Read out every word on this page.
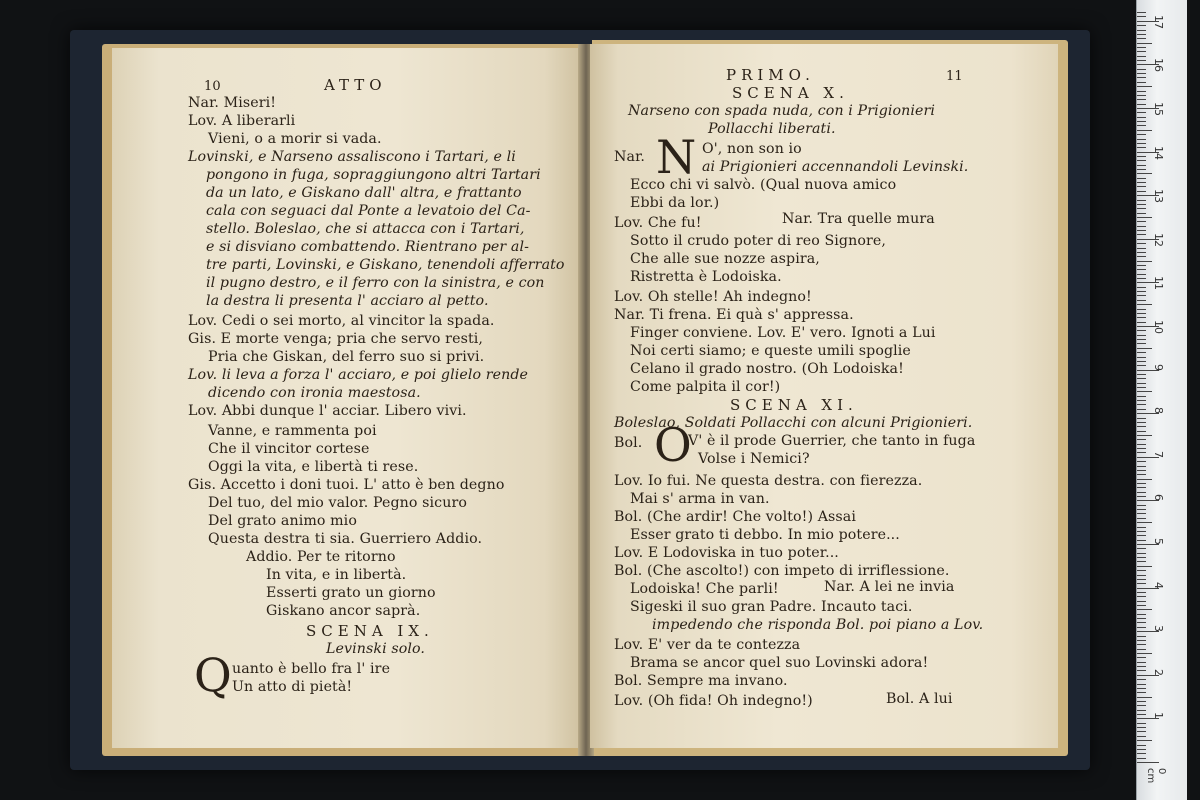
10	ATTO
Nar. Miseri!
Lov. A liberarli
Vieni, o a morir si vada.
Lovinski, e Narseno assaliscono i Tartari, e li
pongono in fuga, sopraggiungono altri Tartari
da un lato, e Giskano dall' altra, e frattanto
cala con seguaci dal Ponte a levatoio del Ca-
stello. Boleslao, che si attacca con i Tartari,
e si disviano combattendo. Rientrano per al-
tre parti, Lovinski, e Giskano, tenendoli afferrato
il pugno destro, e il ferro con la sinistra, e con
la destra li presenta l' acciaro al petto.
Lov. Cedi o sei morto, al vincitor la spada.
Gis. E morte venga; pria che servo resti,
Pria che Giskan, del ferro suo si privi.
Lov. li leva a forza l' acciaro, e poi glielo rende
dicendo con ironia maestosa.
Lov. Abbi dunque l' acciar. Libero vivi.
Vanne, e rammenta poi
Che il vincitor cortese
Oggi la vita, e libertà ti rese.
Gis. Accetto i doni tuoi. L' atto è ben degno
Del tuo, del mio valor. Pegno sicuro
Del grato animo mio
Questa destra ti sia. Guerriero Addio.
Addio. Per te ritorno
In vita, e in libertà.
Esserti grato un giorno
Giskano ancor saprà.
SCENA IX.
Levinski solo.
Q uanto è bello fra l' ire
Un atto di pietà!
PRIMO.	11
SCENA X.
Narseno con spada nuda, con i Prigionieri
Pollacchi liberati.
Nar. N O', non son io
ai Prigionieri accennandoli Levinski.
Ecco chi vi salvò. (Qual nuova amico
Ebbi da lor.)
Lov. Che fu!	Nar. Tra quelle mura
Sotto il crudo poter di reo Signore,
Che alle sue nozze aspira,
Ristretta è Lodoiska.
Lov. Oh stelle! Ah indegno!
Nar. Ti frena. Ei quà s' appressa.
Finger conviene. Lov. E' vero. Ignoti a Lui
Noi certi siamo; e queste umili spoglie
Celano il grado nostro. (Oh Lodoiska!
Come palpita il cor!)
SCENA XI.
Boleslao, Soldati Pollacchi con alcuni Prigionieri.
Bol. O
V' è il prode Guerrier, che tanto in fuga
Volse i Nemici?
Lov. Io fui. Ne questa destra. con fierezza.
Mai s' arma in van.
Bol. (Che ardir! Che volto!) Assai
Esser grato ti debbo. In mio potere...
Lov. E Lodoviska in tuo poter...
Bol. (Che ascolto!) con impeto di irriflessione.
Lodoiska! Che parli!	Nar. A lei ne invia
Sigeski il suo gran Padre. Incauto taci.
impedendo che risponda Bol. poi piano a Lov.
Lov. E' ver da te contezza
Brama se ancor quel suo Lovinski adora!
Bol. Sempre ma invano.
Lov. (Oh fida! Oh indegno!)	Bol. A lui
0 cm
1
2
3
4
5
6
7
8
9
10
11
12
13
14
15
16
17
